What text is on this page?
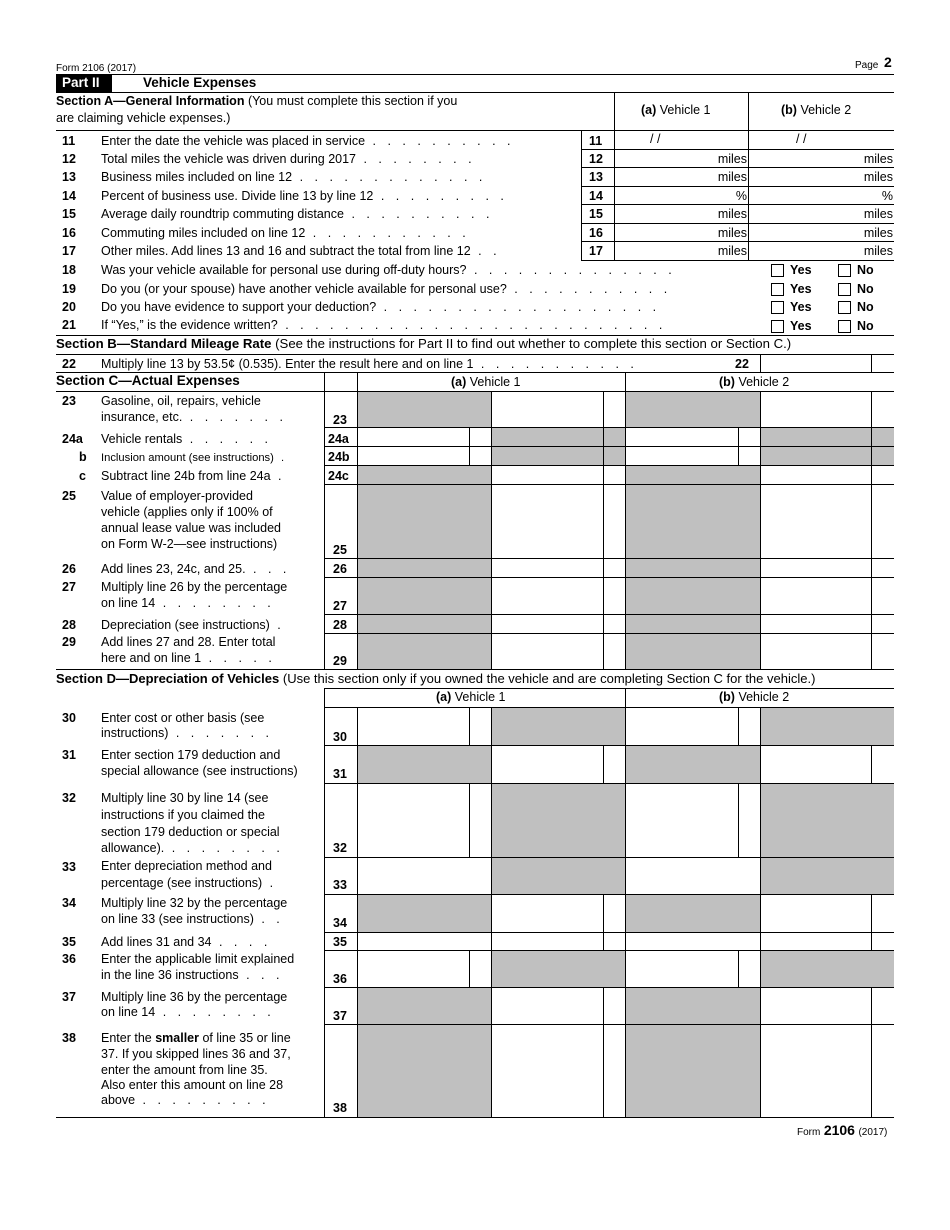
Form 2106 (2017)	Page 2
Part II	Vehicle Expenses
Section A—General Information (You must complete this section if you
are claiming vehicle expenses.)
(a) Vehicle 1	(b) Vehicle 2
11 Enter the date the vehicle was placed in service . . . . . . . . . .	11	/ /	/ /
12 Total miles the vehicle was driven during 2017 . . . . . . . .	12	miles	miles
13 Business miles included on line 12 . . . . . . . . . . . . .	13	miles	miles
14 Percent of business use. Divide line 13 by line 12 . . . . . . . . .	14	%	%
15 Average daily roundtrip commuting distance . . . . . . . . . .	15	miles	miles
16 Commuting miles included on line 12 . . . . . . . . . . .	16	miles	miles
17 Other miles. Add lines 13 and 16 and subtract the total from line 12 . .	17	miles	miles
18 Was your vehicle available for personal use during off-duty hours? . . . . . . . . . . . . . .	Yes	No
19 Do you (or your spouse) have another vehicle available for personal use? . . . . . . . . . . .	Yes	No
20 Do you have evidence to support your deduction? . . . . . . . . . . . . . . . . . . .	Yes	No
21 If “Yes,” is the evidence written? . . . . . . . . . . . . . . . . . . . . . . . . . .	Yes	No
Section B—Standard Mileage Rate (See the instructions for Part II to find out whether to complete this section or Section C.)
22 Multiply line 13 by 53.5¢ (0.535). Enter the result here and on line 1 . . . . . . . . . . .	22
Section C—Actual Expenses	(a) Vehicle 1	(b) Vehicle 2
23 Gasoline, oil, repairs, vehicle
insurance, etc. . . . . . . .	23
24a Vehicle rentals . . . . . .	24a
b Inclusion amount (see instructions) .	24b
c Subtract line 24b from line 24a .	24c
25 Value of employer-provided
vehicle (applies only if 100% of
annual lease value was included
on Form W-2—see instructions)	25
26 Add lines 23, 24c, and 25. . . .	26
27 Multiply line 26 by the percentage
on line 14 . . . . . . . .	27
28 Depreciation (see instructions) .	28
29 Add lines 27 and 28. Enter total
here and on line 1 . . . . .	29
Section D—Depreciation of Vehicles (Use this section only if you owned the vehicle and are completing Section C for the vehicle.)
(a) Vehicle 1	(b) Vehicle 2
30 Enter cost or other basis (see
instructions) . . . . . . .	30
31 Enter section 179 deduction and
special allowance (see instructions)	31
32 Multiply line 30 by line 14 (see
instructions if you claimed the
section 179 deduction or special
allowance). . . . . . . . .	32
33 Enter depreciation method and
percentage (see instructions) .	33
34 Multiply line 32 by the percentage
on line 33 (see instructions) . .	34
35 Add lines 31 and 34 . . . .	35
36 Enter the applicable limit explained
in the line 36 instructions . . .	36
37 Multiply line 36 by the percentage
on line 14 . . . . . . . .	37
38 Enter the smaller of line 35 or line
37. If you skipped lines 36 and 37,
enter the amount from line 35.
Also enter this amount on line 28
above . . . . . . . . .
38
Form 2106 (2017)
